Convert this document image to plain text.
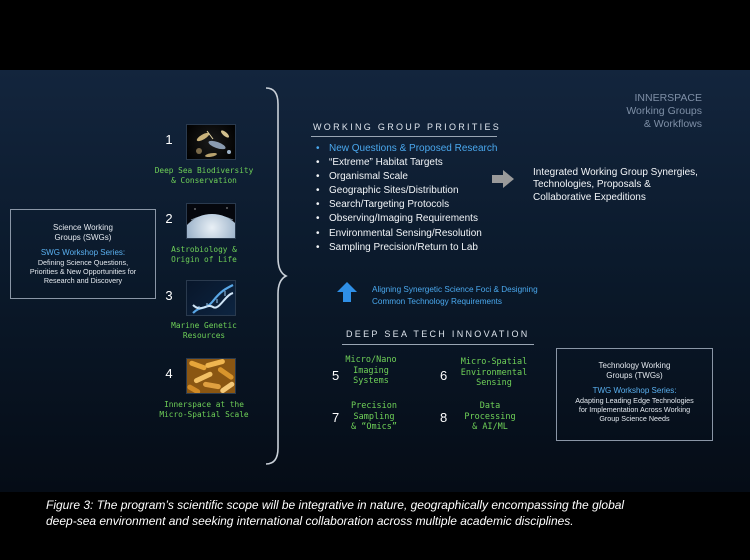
INNERSPACE
Working Groups
& Workflows
Science Working
Groups (SWGs)
SWG Workshop Series:
Defining Science Questions,
Priorities & New Opportunities for
Research and Discovery
1
Deep Sea Biodiversity
& Conservation
2
Astrobiology &
Origin of Life
3
Marine Genetic
Resources
4
Innerspace at the
Micro-Spatial Scale
WORKING GROUP PRIORITIES
• New Questions & Proposed Research
• “Extreme” Habitat Targets
• Organismal Scale
• Geographic Sites/Distribution
• Search/Targeting Protocols
• Observing/Imaging Requirements
• Environmental Sensing/Resolution
• Sampling Precision/Return to Lab
Integrated Working Group Synergies,
Technologies, Proposals &
Collaborative Expeditions
Aligning Synergetic Science Foci & Designing
Common Technology Requirements
DEEP SEA TECH INNOVATION
5
Micro/Nano
Imaging
Systems	6
Micro-Spatial
Environmental
Sensing
7
Precision
Sampling
& “Omics”
8
Data
Processing
& AI/ML
Technology Working
Groups (TWGs)
TWG Workshop Series:
Adapting Leading Edge Technologies
for Implementation Across Working
Group Science Needs
Figure 3: The program’s scientific scope will be integrative in nature, geographically encompassing the global
deep-sea environment and seeking international collaboration across multiple academic disciplines.
